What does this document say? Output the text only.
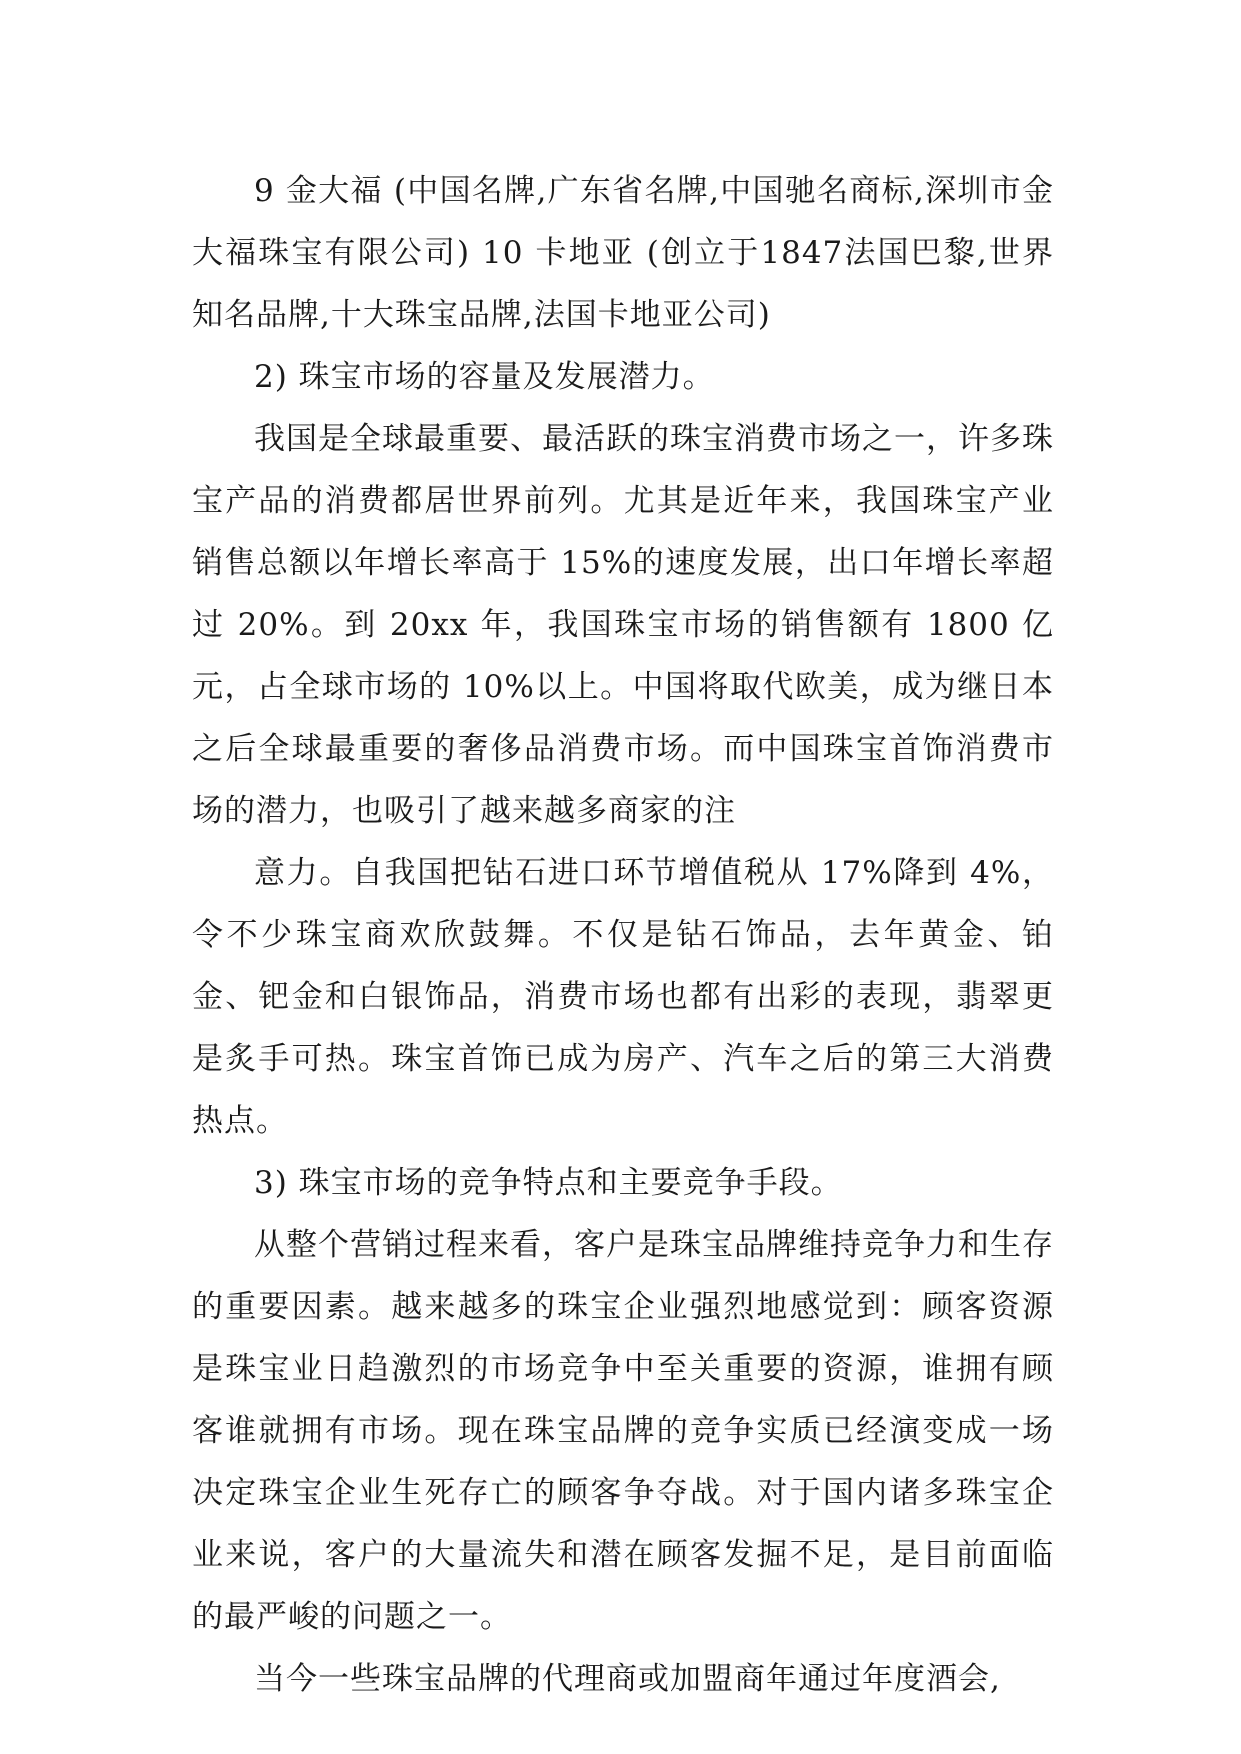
9 金大福 (中国名牌,广东省名牌,中国驰名商标,深圳市金大福珠宝有限公司) 10 卡地亚 (创立于1847法国巴黎,世界知名品牌,十大珠宝品牌,法国卡地亚公司)

2) 珠宝市场的容量及发展潜力。

我国是全球最重要、最活跃的珠宝消费市场之一，许多珠宝产品的消费都居世界前列。尤其是近年来，我国珠宝产业销售总额以年增长率高于 15%的速度发展，出口年增长率超过 20%。到 20xx 年，我国珠宝市场的销售额有 1800 亿元，占全球市场的 10%以上。中国将取代欧美，成为继日本之后全球最重要的奢侈品消费市场。而中国珠宝首饰消费市场的潜力，也吸引了越来越多商家的注

意力。自我国把钻石进口环节增值税从 17%降到 4%，令不少珠宝商欢欣鼓舞。不仅是钻石饰品，去年黄金、铂金、钯金和白银饰品，消费市场也都有出彩的表现，翡翠更是炙手可热。珠宝首饰已成为房产、汽车之后的第三大消费热点。

3) 珠宝市场的竞争特点和主要竞争手段。

从整个营销过程来看，客户是珠宝品牌维持竞争力和生存的重要因素。越来越多的珠宝企业强烈地感觉到：顾客资源是珠宝业日趋激烈的市场竞争中至关重要的资源，谁拥有顾客谁就拥有市场。现在珠宝品牌的竞争实质已经演变成一场决定珠宝企业生死存亡的顾客争夺战。对于国内诸多珠宝企业来说，客户的大量流失和潜在顾客发掘不足，是目前面临的最严峻的问题之一。

当今一些珠宝品牌的代理商或加盟商年通过年度酒会,
